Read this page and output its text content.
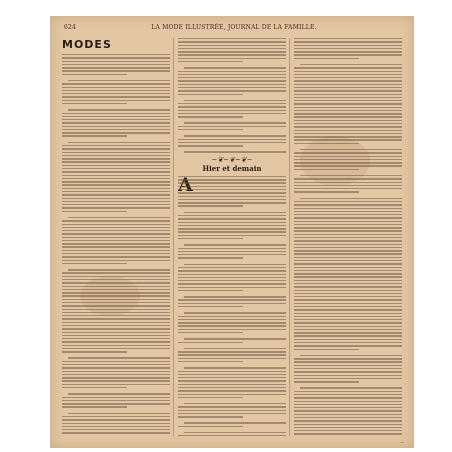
624	LA MODE ILLUSTRÉE, JOURNAL DE LA FAMILLE.
MODES
~❦~❦~❦~
Hier et demain
—
